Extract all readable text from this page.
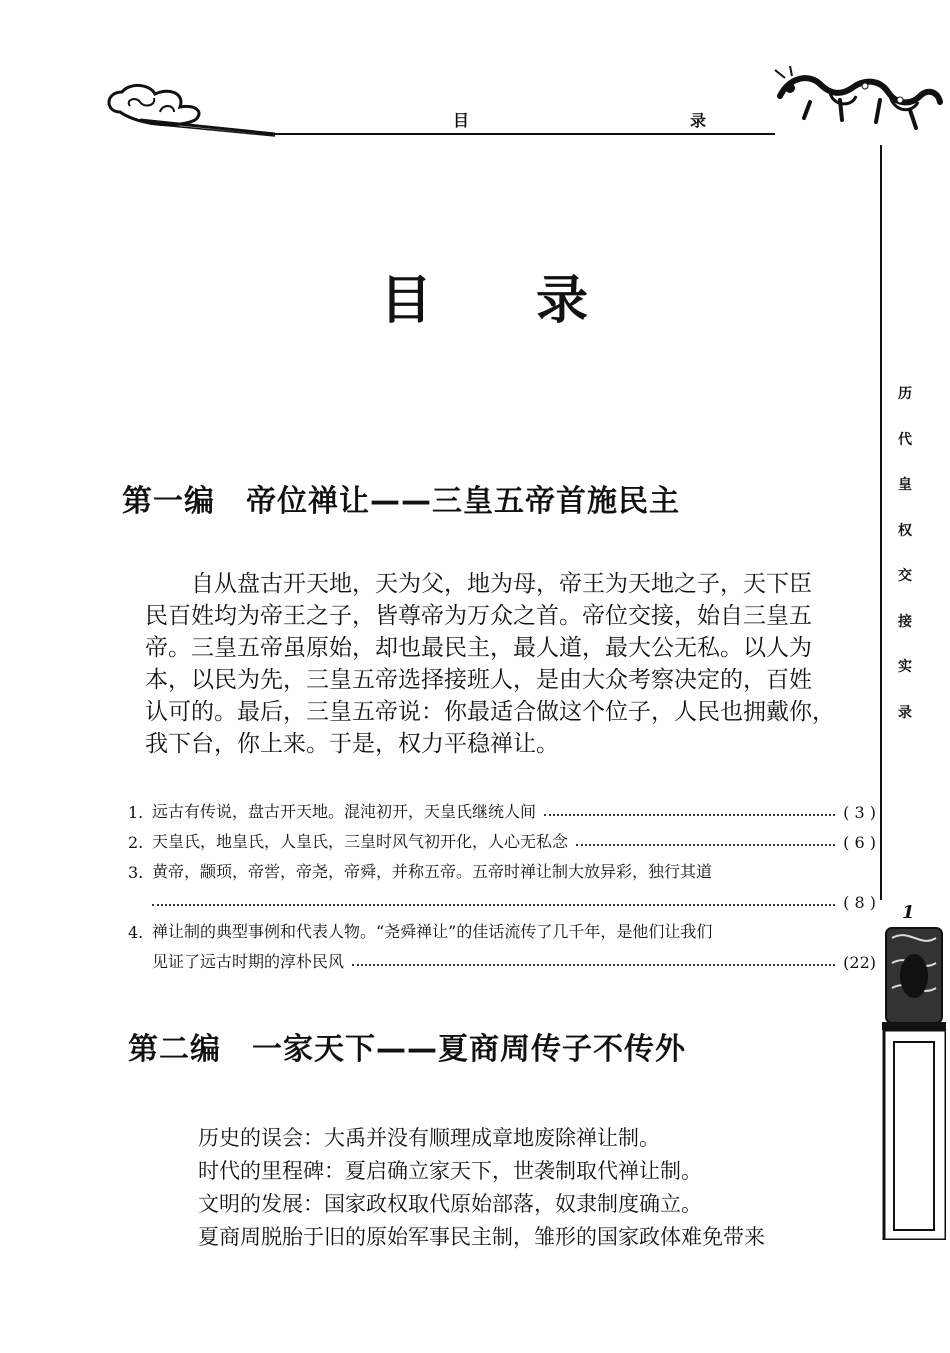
目	录
历
代
皇
权
交
接
实
录
1
目　　录
第一编　帝位禅让——三皇五帝首施民主

　　自从盘古开天地，天为父，地为母，帝王为天地之子，天下臣

民百姓均为帝王之子，皆尊帝为万众之首。帝位交接，始自三皇五

帝。三皇五帝虽原始，却也最民主，最人道，最大公无私。以人为

本，以民为先，三皇五帝选择接班人，是由大众考察决定的，百姓

认可的。最后，三皇五帝说：你最适合做这个位子，人民也拥戴你，

我下台，你上来。于是，权力平稳禅让。

1. 远古有传说，盘古开天地。混沌初开，天皇氏继统人间	( 3 )
2. 天皇氏，地皇氏，人皇氏，三皇时风气初开化，人心无私念	( 6 )
3. 黄帝，颛顼，帝喾，帝尧，帝舜，并称五帝。五帝时禅让制大放异彩，独行其道
( 8 )
4. 禅让制的典型事例和代表人物。“尧舜禅让”的佳话流传了几千年，是他们让我们
见证了远古时期的淳朴民风	(22)
第二编　一家天下——夏商周传子不传外
历史的误会：大禹并没有顺理成章地废除禅让制。
时代的里程碑：夏启确立家天下，世袭制取代禅让制。
文明的发展：国家政权取代原始部落，奴隶制度确立。
夏商周脱胎于旧的原始军事民主制，雏形的国家政体难免带来
